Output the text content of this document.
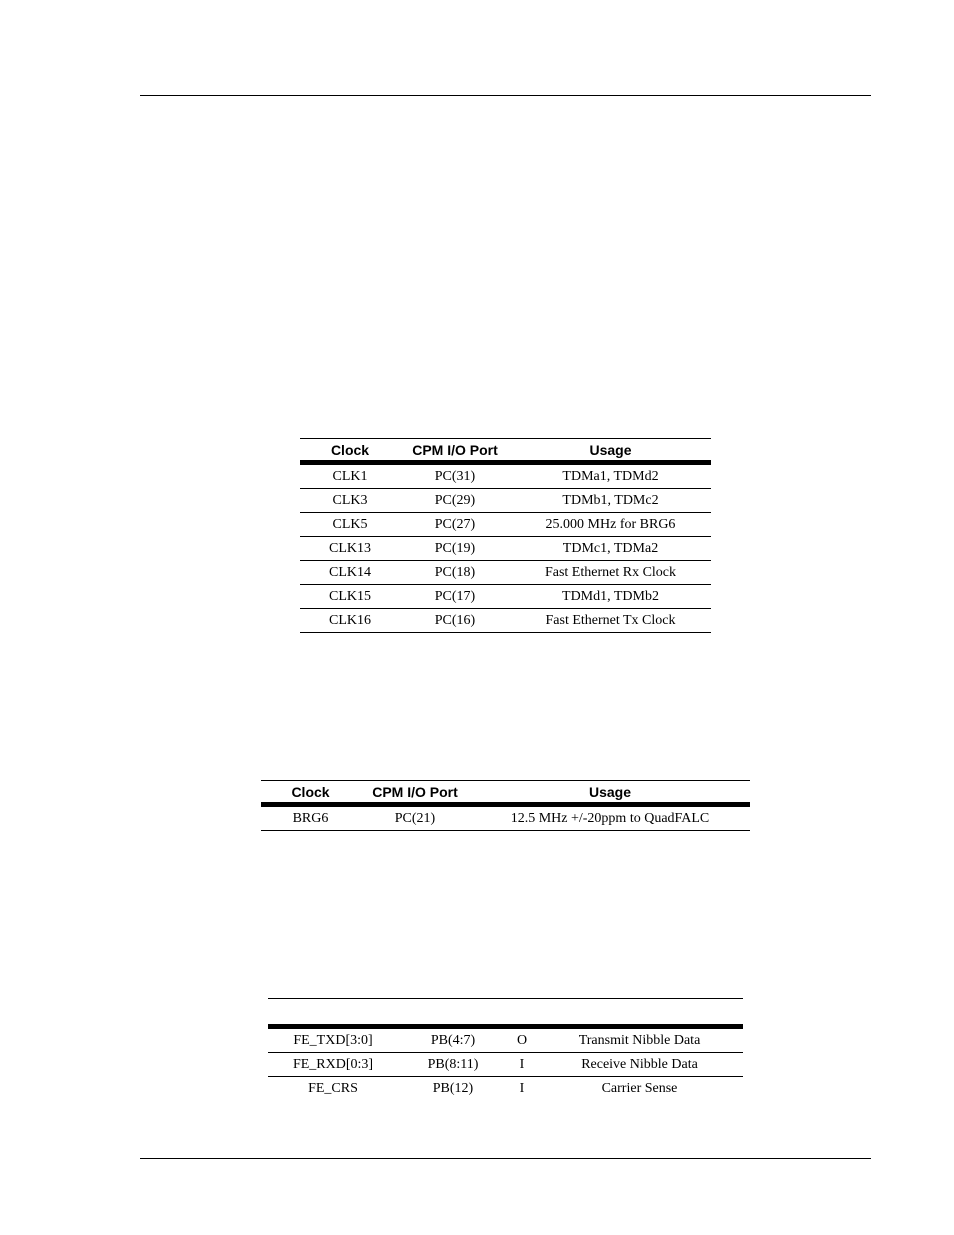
Clock	CPM I/O Port	Usage
CLK1	PC(31)	TDMa1, TDMd2
CLK3	PC(29)	TDMb1, TDMc2
CLK5	PC(27)	25.000 MHz for BRG6
CLK13	PC(19)	TDMc1, TDMa2
CLK14	PC(18)	Fast Ethernet Rx Clock
CLK15	PC(17)	TDMd1, TDMb2
CLK16	PC(16)	Fast Ethernet Tx Clock
Clock	CPM I/O Port	Usage
BRG6	PC(21)	12.5 MHz +/-20ppm to QuadFALC

FE_TXD[3:0]	PB(4:7)	O	Transmit Nibble Data
FE_RXD[0:3]	PB(8:11)	I	Receive Nibble Data
FE_CRS	PB(12)	I	Carrier Sense
